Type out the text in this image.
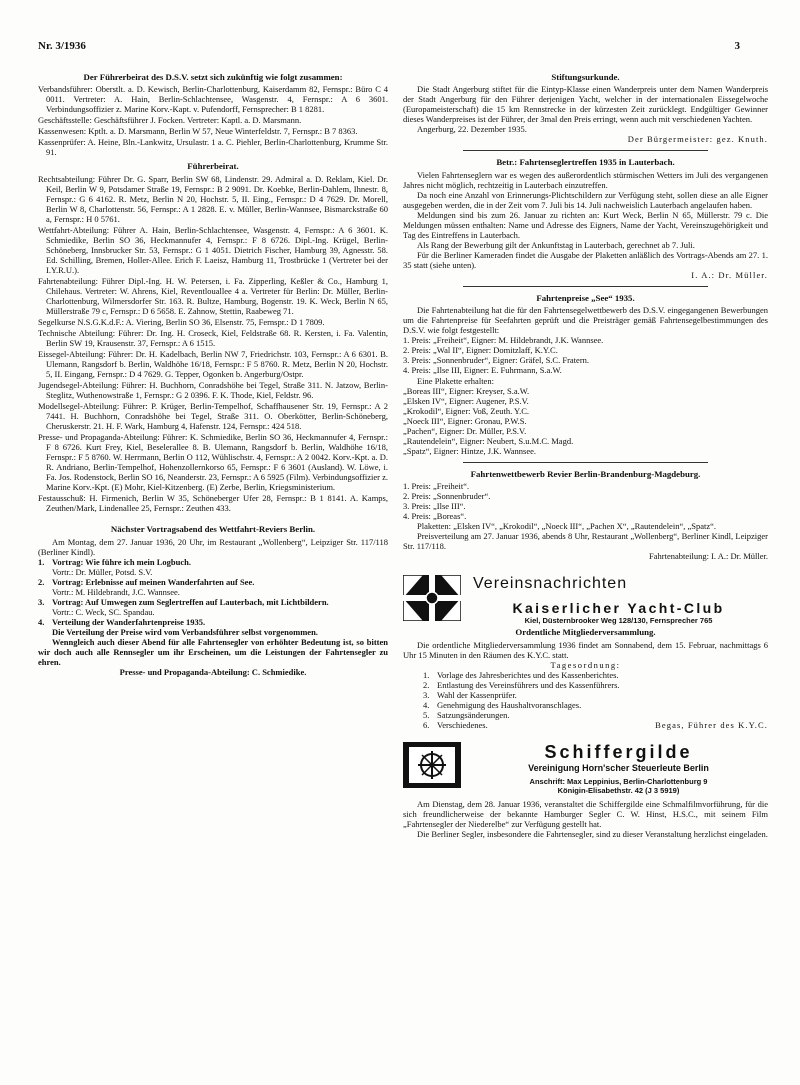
Nr. 3/1936	3
Der Führerbeirat des D.S.V. setzt sich zukünftig wie folgt zusammen:

Verbandsführer: Oberstlt. a. D. Kewisch, Berlin-Charlottenburg, Kaiserdamm 82, Fernspr.: Büro C 4 0011. Vertreter: A. Hain, Berlin-Schlachtensee, Wasgenstr. 4, Fernspr.: A 6 3601. Verbindungsoffizier z. Marine Korv.-Kapt. v. Pufendorff, Fernsprecher: B 1 8281.

Geschäftsstelle: Geschäftsführer J. Focken. Vertreter: Kaptl. a. D. Marsmann.

Kassenwesen: Kptlt. a. D. Marsmann, Berlin W 57, Neue Winterfeldstr. 7, Fernspr.: B 7 8363.

Kassenprüfer: A. Heine, Bln.-Lankwitz, Ursulastr. 1 a. C. Piehler, Berlin-Charlottenburg, Krumme Str. 91.

Führerbeirat.

Rechtsabteilung: Führer Dr. G. Sparr, Berlin SW 68, Lindenstr. 29. Admiral a. D. Reklam, Kiel. Dr. Keil, Berlin W 9, Potsdamer Straße 19, Fernspr.: B 2 9091. Dr. Koebke, Berlin-Dahlem, Ihnestr. 8, Fernspr.: G 6 4162. R. Metz, Berlin N 20, Hochstr. 5, II. Eing., Fernspr.: D 4 7629. Dr. Morell, Berlin W 8, Charlottenstr. 56, Fernspr.: A 1 2828. E. v. Müller, Berlin-Wannsee, Bismarckstraße 60 a, Fernspr.: H 0 5761.

Wettfahrt-Abteilung: Führer A. Hain, Berlin-Schlachtensee, Wasgenstr. 4, Fernspr.: A 6 3601. K. Schmiedike, Berlin SO 36, Heckmannufer 4, Fernspr.: F 8 6726. Dipl.-Ing. Krügel, Berlin-Schöneberg, Innsbrucker Str. 53, Fernspr.: G 1 4051. Dietrich Fischer, Hamburg 39, Agnesstr. 58. Ed. Schilling, Bremen, Holler-Allee. Erich F. Laeisz, Hamburg 11, Trostbrücke 1 (Vertreter bei der I.Y.R.U.).

Fahrtenabteilung: Führer Dipl.-Ing. H. W. Petersen, i. Fa. Zipperling, Keßler & Co., Hamburg 1, Chilehaus. Vertreter: W. Ahrens, Kiel, Reventlouallee 4 a. Vertreter für Berlin: Dr. Müller, Berlin-Charlottenburg, Wilmersdorfer Str. 163. R. Bultze, Hamburg, Bogenstr. 19. K. Weck, Berlin N 65, Müllerstraße 79 c, Fernspr.: D 6 5658. E. Zahnow, Stettin, Raabeweg 71.

Segelkurse N.S.G.K.d.F.: A. Viering, Berlin SO 36, Elsenstr. 75, Fernspr.: D 1 7809.

Technische Abteilung: Führer: Dr. Ing. H. Croseck, Kiel, Feldstraße 68. R. Kersten, i. Fa. Valentin, Berlin SW 19, Krausenstr. 37, Fernspr.: A 6 1515.

Eissegel-Abteilung: Führer: Dr. H. Kadelbach, Berlin NW 7, Friedrichstr. 103, Fernspr.: A 6 6301. B. Ulemann, Rangsdorf b. Berlin, Waldhöhe 16/18, Fernspr.: F 5 8760. R. Metz, Berlin N 20, Hochstr. 5, II. Eingang, Fernspr.: D 4 7629. G. Tepper, Ogonken b. Angerburg/Ostpr.

Jugendsegel-Abteilung: Führer: H. Buchhorn, Conradshöhe bei Tegel, Straße 311. N. Jatzow, Berlin-Steglitz, Wuthenowstraße 1, Fernspr.: G 2 0396. F. K. Thode, Kiel, Feldstr. 96.

Modellsegel-Abteilung: Führer: P. Krüger, Berlin-Tempelhof, Schaffhausener Str. 19, Fernspr.: A 2 7441. H. Buchhorn, Conradshöhe bei Tegel, Straße 311. O. Oberkötter, Berlin-Schöneberg, Cheruskerstr. 21. H. F. Wark, Hamburg 4, Hafenstr. 124, Fernspr.: 424 518.

Presse- und Propaganda-Abteilung: Führer: K. Schmiedike, Berlin SO 36, Heckmannufer 4, Fernspr.: F 8 6726. Kurt Frey, Kiel, Beselerallee 8. B. Ulemann, Rangsdorf b. Berlin, Waldhöhe 16/18, Fernspr.: F 5 8760. W. Herrmann, Berlin O 112, Wühlischstr. 4, Fernspr.: A 2 0042. Korv.-Kpt. a. D. R. Andriano, Berlin-Tempelhof, Hohenzollernkorso 65, Fernspr.: F 6 3601 (Ausland). W. Löwe, i. Fa. Jos. Rodenstock, Berlin SO 16, Neanderstr. 23, Fernspr.: A 6 5925 (Film). Verbindungsoffizier z. Marine Korv.-Kpt. (E) Mohr, Kiel-Kitzenberg. (E) Zerbe, Berlin, Kriegsministerium.

Festausschuß: H. Firmenich, Berlin W 35, Schöneberger Ufer 28, Fernspr.: B 1 8141. A. Kamps, Zeuthen/Mark, Lindenallee 25, Fernspr.: Zeuthen 433.

Nächster Vortragsabend des Wettfahrt-Reviers Berlin.

Am Montag, dem 27. Januar 1936, 20 Uhr, im Restaurant „Wollenberg“, Leipziger Str. 117/118 (Berliner Kindl).

1. Vortrag: Wie führe ich mein Logbuch.
Vortr.: Dr. Müller, Potsd. S.V.
2. Vortrag: Erlebnisse auf meinen Wanderfahrten auf See.
Vortr.: M. Hildebrandt, J.C. Wannsee.
3. Vortrag: Auf Umwegen zum Seglertreffen auf Lauterbach, mit Lichtbildern.
Vortr.: C. Weck, SC. Spandau.
4. Verteilung der Wanderfahrtenpreise 1935.

Die Verteilung der Preise wird vom Verbandsführer selbst vorgenommen.

Wenngleich auch dieser Abend für alle Fahrtensegler von erhöhter Bedeutung ist, so bitten wir doch auch alle Rennsegler um ihr Erscheinen, um die Leistungen der Fahrtensegler zu ehren.

Presse- und Propaganda-Abteilung: C. Schmiedike.

Stiftungsurkunde.

Die Stadt Angerburg stiftet für die Eintyp-Klasse einen Wanderpreis unter dem Namen Wanderpreis der Stadt Angerburg für den Führer derjenigen Yacht, welcher in der internationalen Eissegelwoche (Europameisterschaft) die 15 km Rennstrecke in der kürzesten Zeit zurücklegt. Endgültiger Gewinner dieses Wanderpreises ist der Führer, der 3mal den Preis erringt, wenn auch mit verschiedenen Yachten.

Angerburg, 22. Dezember 1935.

Der Bürgermeister: gez. Knuth.

Betr.: Fahrtenseglertreffen 1935 in Lauterbach.

Vielen Fahrtenseglern war es wegen des außerordentlich stürmischen Wetters im Juli des vergangenen Jahres nicht möglich, rechtzeitig in Lauterbach einzutreffen.

Da noch eine Anzahl von Erinnerungs-Plichtschildern zur Verfügung steht, sollen diese an alle Eigner ausgegeben werden, die in der Zeit vom 7. Juli bis 14. Juli nachweislich Lauterbach angelaufen haben.

Meldungen sind bis zum 26. Januar zu richten an: Kurt Weck, Berlin N 65, Müllerstr. 79 c. Die Meldungen müssen enthalten: Name und Adresse des Eigners, Name der Yacht, Vereinszugehörigkeit und Tag des Eintreffens in Lauterbach.

Als Rang der Bewerbung gilt der Ankunftstag in Lauterbach, gerechnet ab 7. Juli.

Für die Berliner Kameraden findet die Ausgabe der Plaketten anläßlich des Vortrags-Abends am 27. 1. 35 statt (siehe unten).

I. A.: Dr. Müller.

Fahrtenpreise „See“ 1935.

Die Fahrtenabteilung hat die für den Fahrtensegelwettbewerb des D.S.V. eingegangenen Bewerbungen um die Fahrtenpreise für Seefahrten geprüft und die Preisträger gemäß Fahrtensegelbestimmungen des D.S.V. wie folgt festgestellt:

1. Preis: „Freiheit“, Eigner: M. Hildebrandt, J.K. Wannsee.
2. Preis: „Wal II“, Eigner: Domitzlaff, K.Y.C.
3. Preis: „Sonnenbruder“, Eigner: Gräfel, S.C. Fratern.
4. Preis: „Ilse III, Eigner: E. Fuhrmann, S.a.W.

Eine Plakette erhalten:

„Boreas III“, Eigner: Kreyser, S.a.W.
„Elsken IV“, Eigner: Augener, P.S.V.
„Krokodil“, Eigner: Voß, Zeuth. Y.C.
„Noeck III“, Eigner: Gronau, P.W.S.
„Pachen“, Eigner: Dr. Müller, P.S.V.
„Rautendelein“, Eigner: Neubert, S.u.M.C. Magd.
„Spatz“, Eigner: Hintze, J.K. Wannsee.
Fahrtenwettbewerb Revier Berlin-Brandenburg-Magdeburg.
1. Preis: „Freiheit“.
2. Preis: „Sonnenbruder“.
3. Preis: „Ilse III“.
4. Preis: „Boreas“.

Plaketten: „Elsken IV“, „Krokodil“, „Noeck III“, „Pachen X“, „Rautendelein“, „Spatz“.

Preisverteilung am 27. Januar 1936, abends 8 Uhr, Restaurant „Wollenberg“, Berliner Kindl, Leipziger Str. 117/118.

Fahrtenabteilung: I. A.: Dr. Müller.

Vereinsnachrichten
Kaiserlicher Yacht-Club
Kiel, Düsternbrooker Weg 128/130, Fernsprecher 765
Ordentliche Mitgliederversammlung.

Die ordentliche Mitgliederversammlung 1936 findet am Sonnabend, dem 15. Februar, nachmittags 6 Uhr 15 Minuten in den Räumen des K.Y.C. statt.

Tagesordnung:
1. Vorlage des Jahresberichtes und des Kassenberichtes.
2. Entlastung des Vereinsführers und des Kassenführers.
3. Wahl der Kassenprüfer.
4. Genehmigung des Haushaltvoranschlages.
5. Satzungsänderungen.
6. Verschiedenes.	Begas, Führer des K.Y.C.

Schiffergilde
Vereinigung Horn'scher Steuerleute Berlin
Anschrift: Max Leppinius, Berlin-Charlottenburg 9
Königin-Elisabethstr. 42 (J 3 5919)

Am Dienstag, dem 28. Januar 1936, veranstaltet die Schiffergilde eine Schmalfilmvorführung, für die sich freundlicherweise der bekannte Hamburger Segler C. W. Hinst, H.S.C., mit seinem Film „Fahrtensegler der Niederelbe“ zur Verfügung gestellt hat.

Die Berliner Segler, insbesondere die Fahrtensegler, sind zu dieser Veranstaltung herzlichst eingeladen.
